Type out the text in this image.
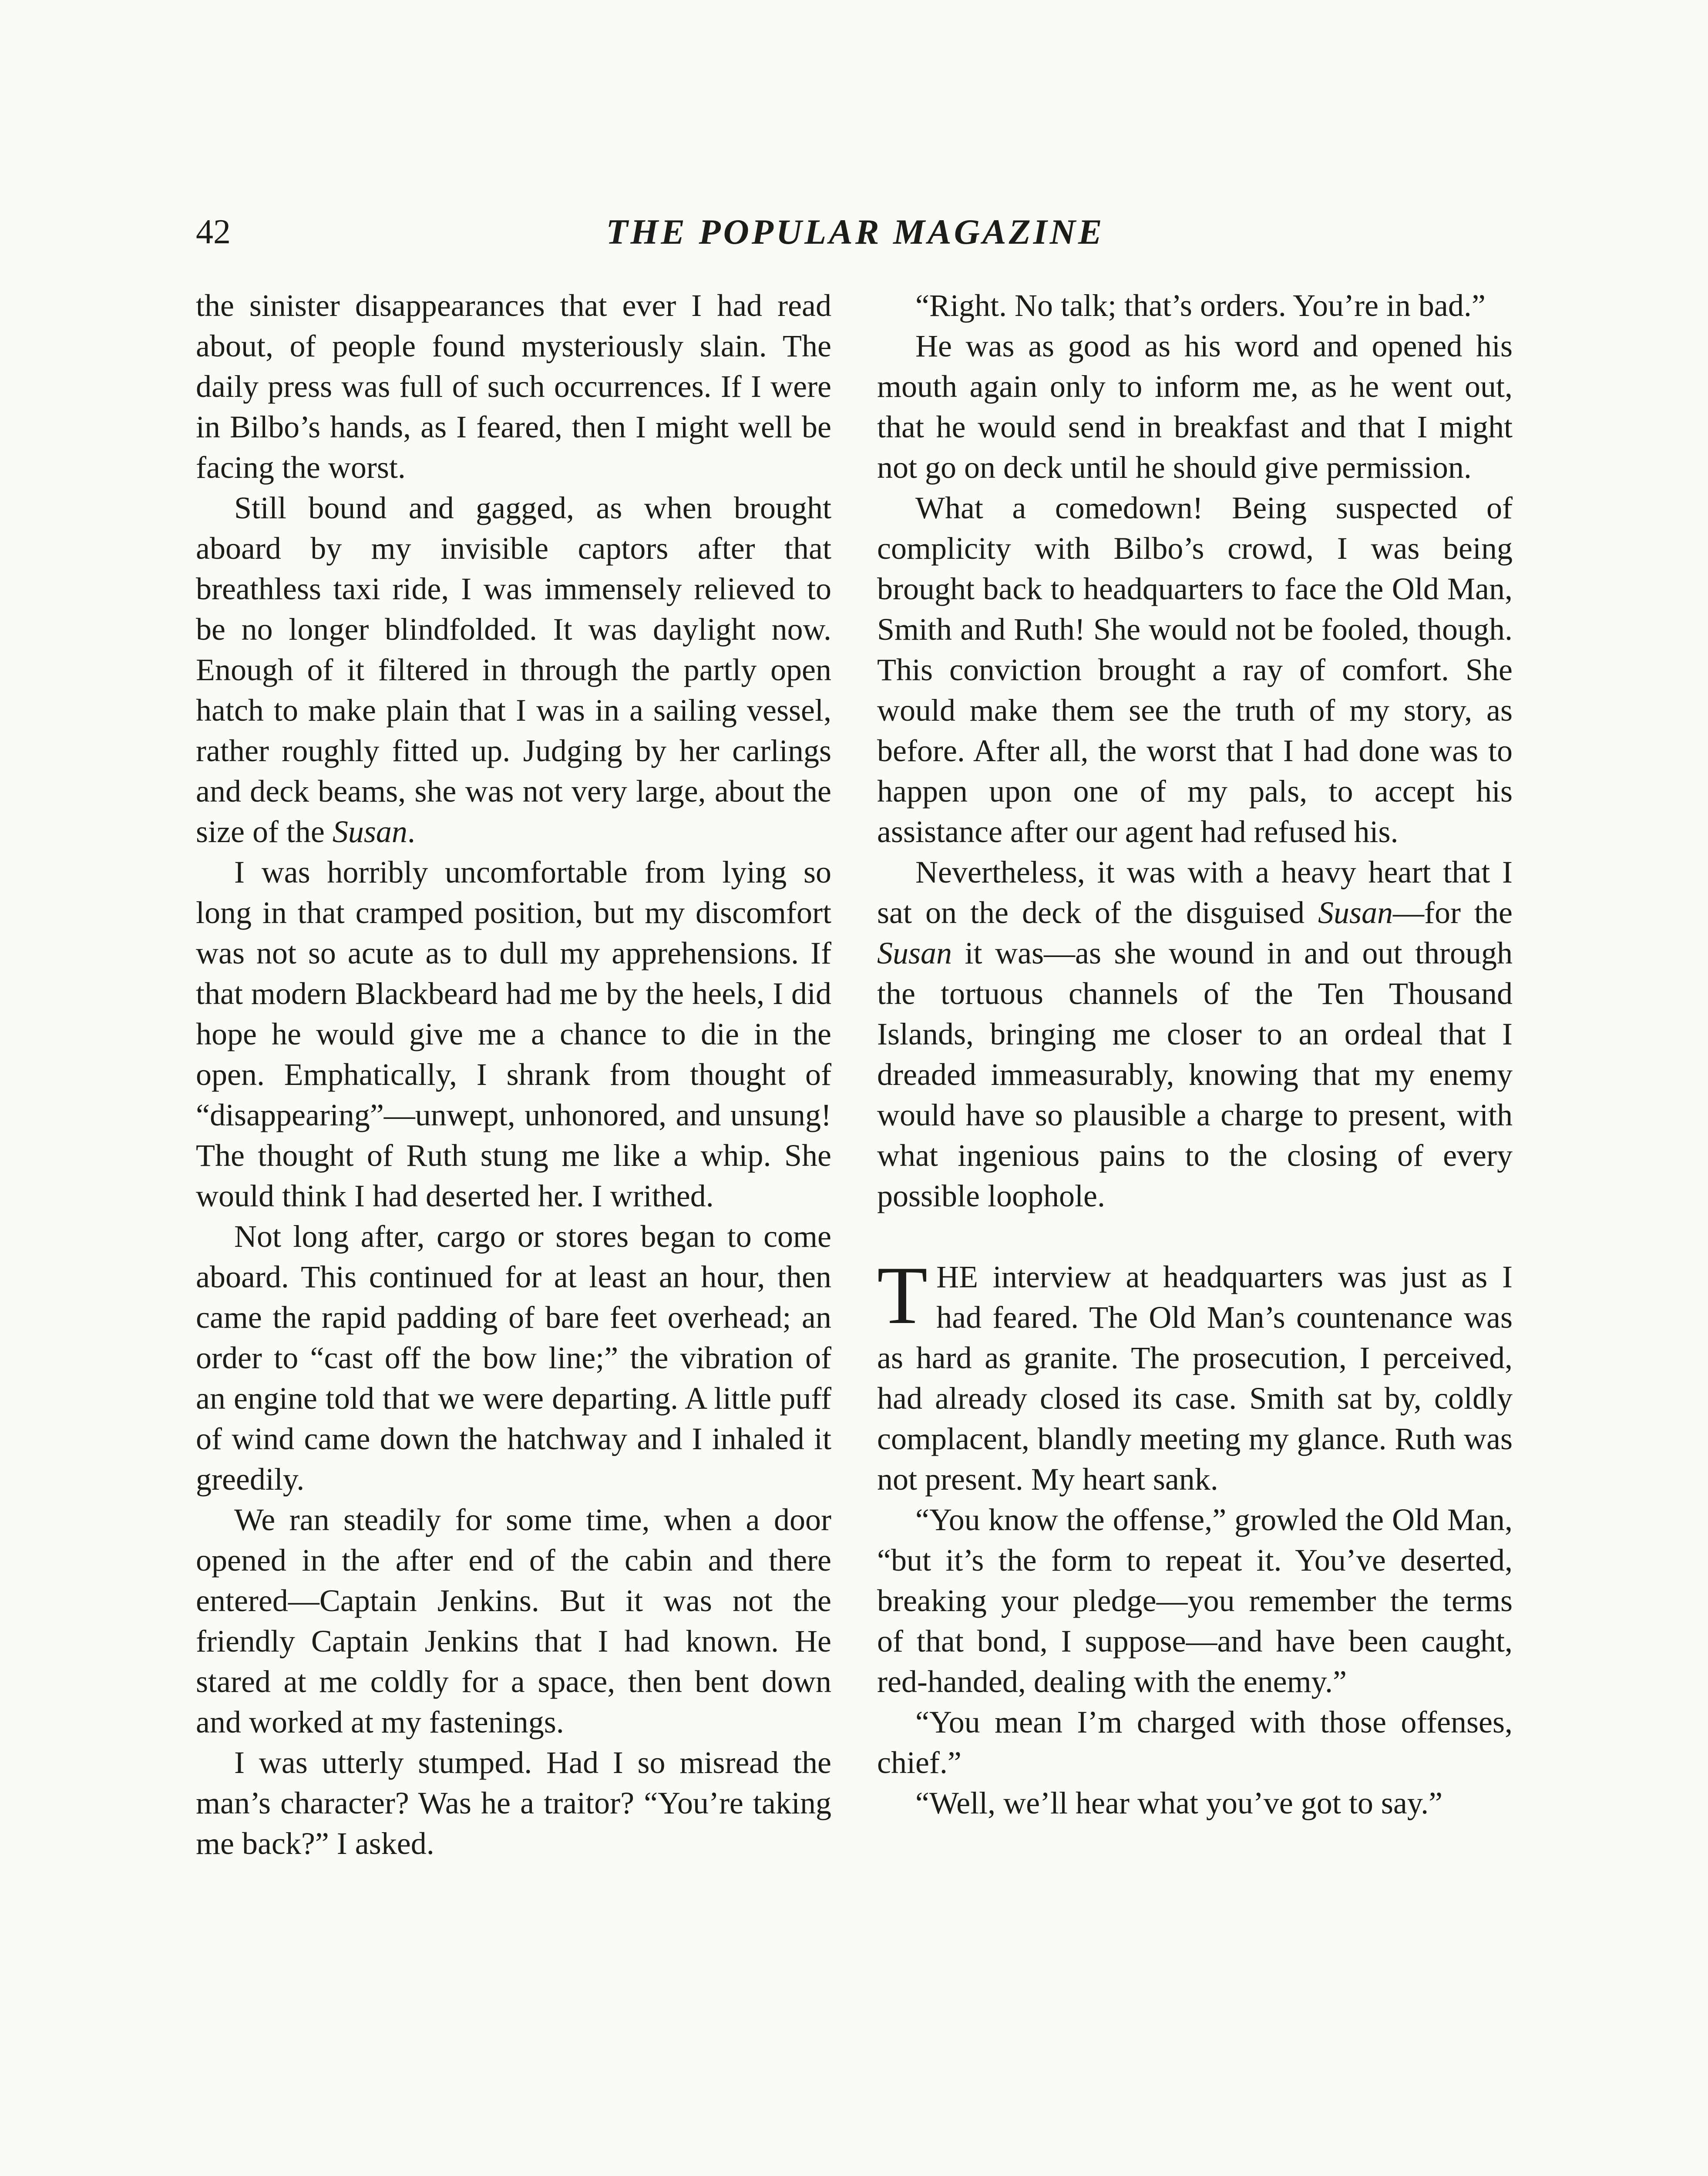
42	THE POPULAR MAGAZINE

the sinister disappearances that ever I had read about, of people found mysteriously slain. The daily press was full of such occurrences. If I were in Bilbo’s hands, as I feared, then I might well be facing the worst.

Still bound and gagged, as when brought aboard by my invisible captors after that breathless taxi ride, I was immensely relieved to be no longer blindfolded. It was daylight now. Enough of it filtered in through the partly open hatch to make plain that I was in a sailing vessel, rather roughly fitted up. Judging by her carlings and deck beams, she was not very large, about the size of the Susan.

I was horribly uncomfortable from lying so long in that cramped position, but my discomfort was not so acute as to dull my apprehensions. If that modern Blackbeard had me by the heels, I did hope he would give me a chance to die in the open. Emphatically, I shrank from thought of “disappearing”—unwept, unhonored, and unsung! The thought of Ruth stung me like a whip. She would think I had deserted her. I writhed.

Not long after, cargo or stores began to come aboard. This continued for at least an hour, then came the rapid padding of bare feet overhead; an order to “cast off the bow line;” the vibration of an engine told that we were departing. A little puff of wind came down the hatchway and I inhaled it greedily.

We ran steadily for some time, when a door opened in the after end of the cabin and there entered—Captain Jenkins. But it was not the friendly Captain Jenkins that I had known. He stared at me coldly for a space, then bent down and worked at my fastenings.

I was utterly stumped. Had I so misread the man’s character? Was he a traitor? “You’re taking me back?” I asked.

“Right. No talk; that’s orders. You’re in bad.”

He was as good as his word and opened his mouth again only to inform me, as he went out, that he would send in breakfast and that I might not go on deck until he should give permission.

What a comedown! Being suspected of complicity with Bilbo’s crowd, I was being brought back to headquarters to face the Old Man, Smith and Ruth! She would not be fooled, though. This conviction brought a ray of comfort. She would make them see the truth of my story, as before. After all, the worst that I had done was to happen upon one of my pals, to accept his assistance after our agent had refused his.

Nevertheless, it was with a heavy heart that I sat on the deck of the disguised Susan—for the Susan it was—as she wound in and out through the tortuous channels of the Ten Thousand Islands, bringing me closer to an ordeal that I dreaded immeasurably, knowing that my enemy would have so plausible a charge to present, with what ingenious pains to the closing of every possible loophole.

THE interview at headquarters was just as I had feared. The Old Man’s countenance was as hard as granite. The prosecution, I perceived, had already closed its case. Smith sat by, coldly complacent, blandly meeting my glance. Ruth was not present. My heart sank.

“You know the offense,” growled the Old Man, “but it’s the form to repeat it. You’ve deserted, breaking your pledge—you remember the terms of that bond, I suppose—and have been caught, red-handed, dealing with the enemy.”

“You mean I’m charged with those offenses, chief.”

“Well, we’ll hear what you’ve got to say.”
